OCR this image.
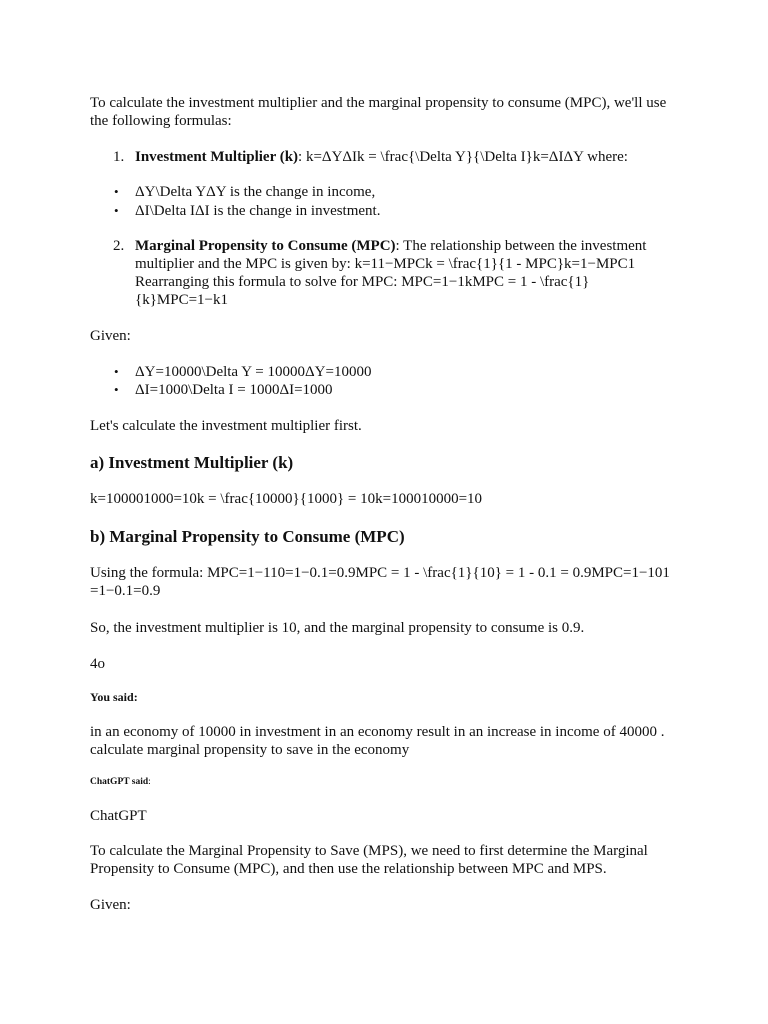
To calculate the investment multiplier and the marginal propensity to consume (MPC), we'll use the following formulas:

1. Investment Multiplier (k): k=ΔYΔIk = \frac{\Delta Y}{\Delta I}k=ΔIΔY where:
• ΔY\Delta YΔY is the change in income,
• ΔI\Delta IΔI is the change in investment.
2. Marginal Propensity to Consume (MPC): The relationship between the investment multiplier and the MPC is given by: k=11−MPCk = \frac{1}{1 - MPC}k=1−MPC1 Rearranging this formula to solve for MPC: MPC=1−1kMPC = 1 - \frac{1}{k}MPC=1−k1

Given:

• ΔY=10000\Delta Y = 10000ΔY=10000
• ΔI=1000\Delta I = 1000ΔI=1000

Let's calculate the investment multiplier first.

a) Investment Multiplier (k)

k=100001000=10k = \frac{10000}{1000} = 10k=100010000=10

b) Marginal Propensity to Consume (MPC)

Using the formula: MPC=1−110=1−0.1=0.9MPC = 1 - \frac{1}{10} = 1 - 0.1 = 0.9MPC=1−101 =1−0.1=0.9

So, the investment multiplier is 10, and the marginal propensity to consume is 0.9.

4o

You said:

in an economy of 10000 in investment in an economy result in an increase in income of 40000 . calculate marginal propensity to save in the economy

ChatGPT said:

ChatGPT

To calculate the Marginal Propensity to Save (MPS), we need to first determine the Marginal Propensity to Consume (MPC), and then use the relationship between MPC and MPS.

Given:
